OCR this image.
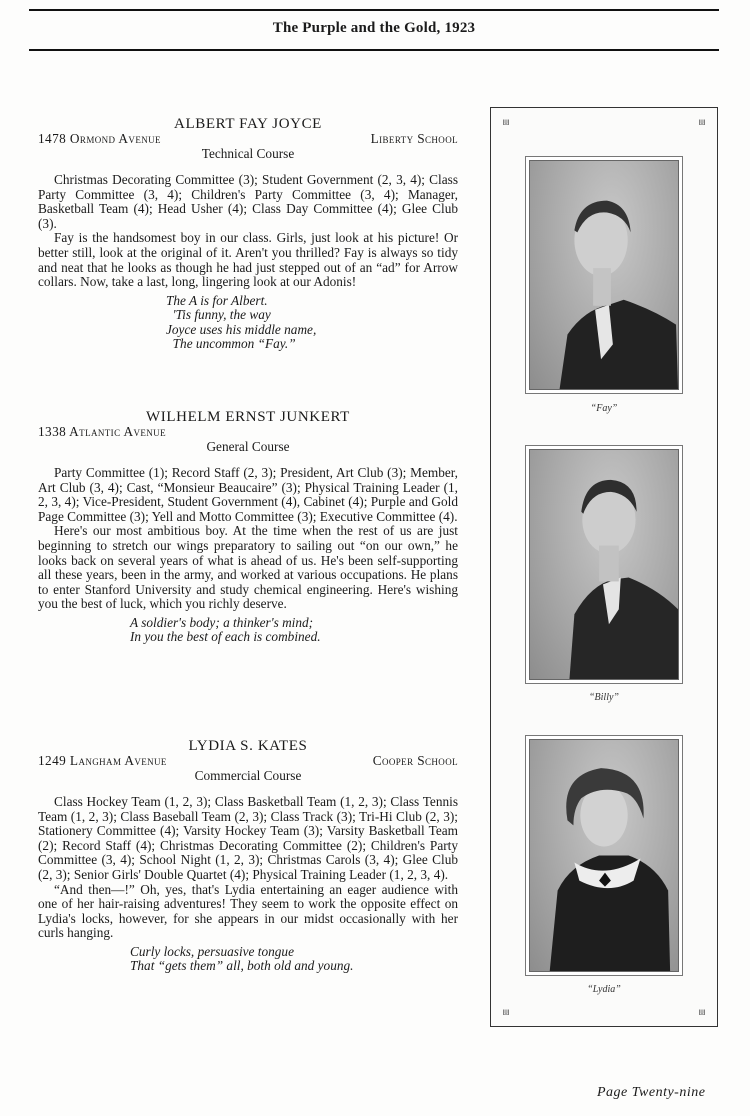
The Purple and the Gold, 1923
ALBERT FAY JOYCE
1478 Ormond Avenue	Liberty School
Technical Course

Christmas Decorating Committee (3); Student Government (2, 3, 4); Class Party Committee (3, 4); Children's Party Committee (3, 4); Manager, Basketball Team (4); Head Usher (4); Class Day Committee (4); Glee Club (3).

Fay is the handsomest boy in our class. Girls, just look at his picture! Or better still, look at the original of it. Aren't you thrilled? Fay is always so tidy and neat that he looks as though he had just stepped out of an “ad” for Arrow collars. Now, take a last, long, lingering look at our Adonis!

The A is for Albert.
'Tis funny, the way
Joyce uses his middle name,
The uncommon “Fay.”
WILHELM ERNST JUNKERT
1338 Atlantic Avenue
General Course

Party Committee (1); Record Staff (2, 3); President, Art Club (3); Member, Art Club (3, 4); Cast, “Monsieur Beaucaire” (3); Physical Training Leader (1, 2, 3, 4); Vice-President, Student Government (4), Cabinet (4); Purple and Gold Page Committee (3); Yell and Motto Committee (3); Executive Committee (4).

Here's our most ambitious boy. At the time when the rest of us are just beginning to stretch our wings preparatory to sailing out “on our own,” he looks back on several years of what is ahead of us. He's been self-supporting all these years, been in the army, and worked at various occupations. He plans to enter Stanford University and study chemical engineering. Here's wishing you the best of luck, which you richly deserve.

A soldier's body; a thinker's mind;
In you the best of each is combined.
LYDIA S. KATES
1249 Langham Avenue	Cooper School
Commercial Course

Class Hockey Team (1, 2, 3); Class Basketball Team (1, 2, 3); Class Tennis Team (1, 2, 3); Class Baseball Team (2, 3); Class Track (3); Tri-Hi Club (2, 3); Stationery Committee (4); Varsity Hockey Team (3); Varsity Basketball Team (2); Record Staff (4); Christmas Decorating Committee (2); Children's Party Committee (3, 4); School Night (1, 2, 3); Christmas Carols (3, 4); Glee Club (2, 3); Senior Girls' Double Quartet (4); Physical Training Leader (1, 2, 3, 4).

“And then—!” Oh, yes, that's Lydia entertaining an eager audience with one of her hair-raising adventures! They seem to work the opposite effect on Lydia's locks, however, for she appears in our midst occasionally with her curls hanging.

Curly locks, persuasive tongue
That “gets them” all, both old and young.
⩏	⩏
“Fay”
“Billy”
“Lydia”
⩏	⩏
Page Twenty-nine
